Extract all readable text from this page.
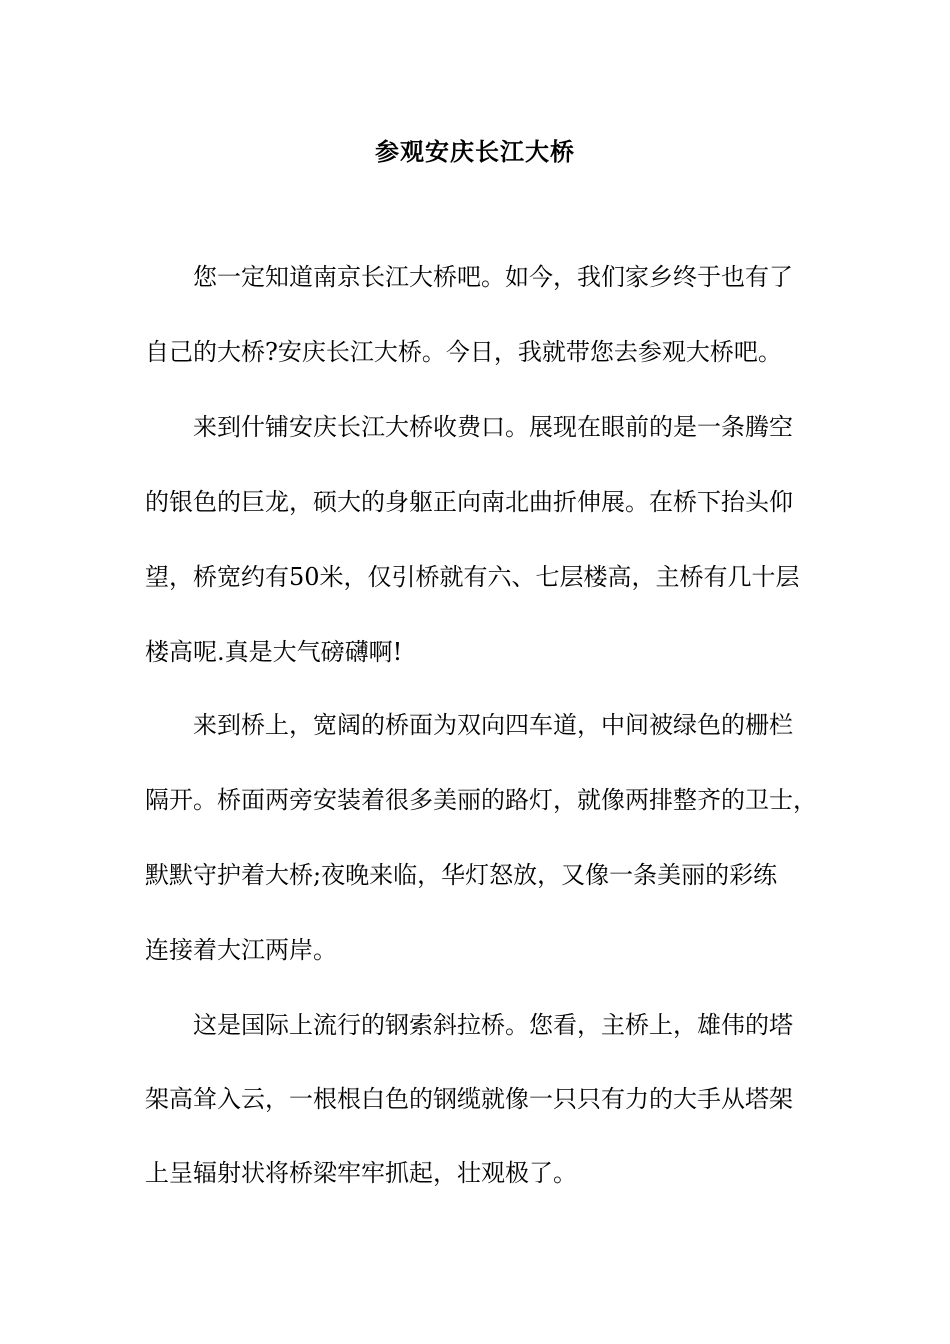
参观安庆长江大桥
您一定知道南京长江大桥吧。如今，我们家乡终于也有了
自己的大桥?安庆长江大桥。今日，我就带您去参观大桥吧。
来到什铺安庆长江大桥收费口。展现在眼前的是一条腾空
的银色的巨龙，硕大的身躯正向南北曲折伸展。在桥下抬头仰
望，桥宽约有50米，仅引桥就有六、七层楼高，主桥有几十层
楼高呢.真是大气磅礴啊!
来到桥上，宽阔的桥面为双向四车道，中间被绿色的栅栏
隔开。桥面两旁安装着很多美丽的路灯，就像两排整齐的卫士，
默默守护着大桥;夜晚来临，华灯怒放，又像一条美丽的彩练
连接着大江两岸。
这是国际上流行的钢索斜拉桥。您看，主桥上，雄伟的塔
架高耸入云，一根根白色的钢缆就像一只只有力的大手从塔架
上呈辐射状将桥梁牢牢抓起，壮观极了。
